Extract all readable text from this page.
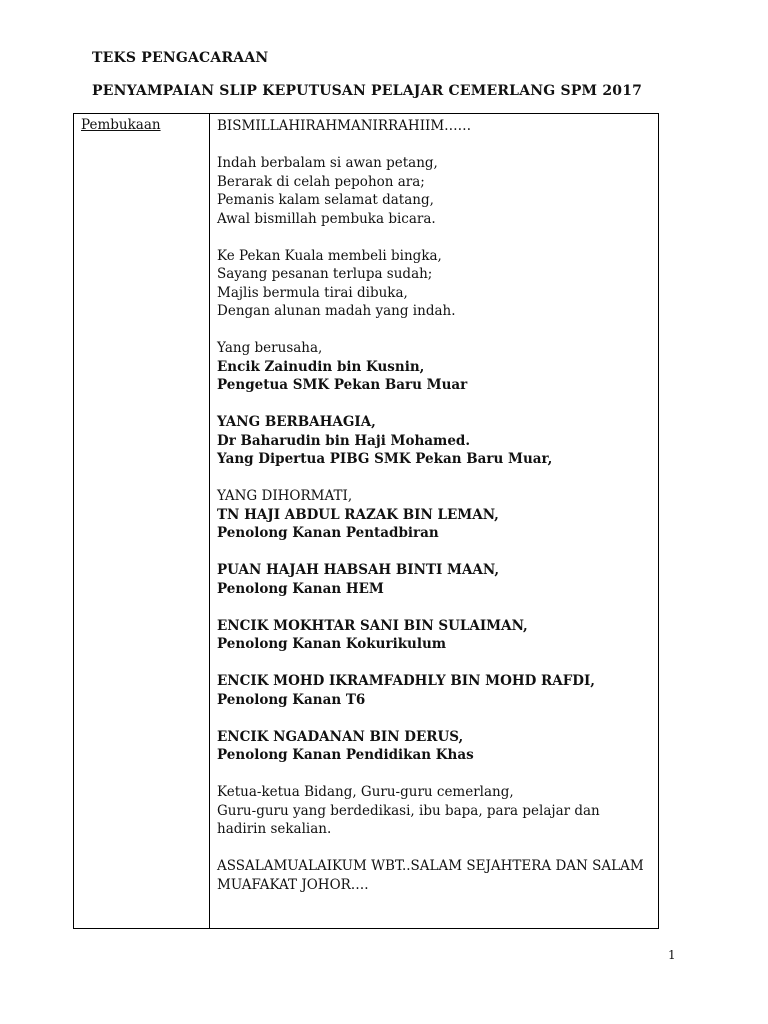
TEKS PENGACARAAN
PENYAMPAIAN SLIP KEPUTUSAN PELAJAR CEMERLANG SPM 2017
Pembukaan	BISMILLAHIRAHMANIRRAHIIM……
Indah berbalam si awan petang,
Berarak di celah pepohon ara;
Pemanis kalam selamat datang,
Awal bismillah pembuka bicara.
Ke Pekan Kuala membeli bingka,
Sayang pesanan terlupa sudah;
Majlis bermula tirai dibuka,
Dengan alunan madah yang indah.
Yang berusaha,
Encik Zainudin bin Kusnin,
Pengetua SMK Pekan Baru Muar
YANG BERBAHAGIA,
Dr Baharudin bin Haji Mohamed.
Yang Dipertua PIBG SMK Pekan Baru Muar,
YANG DIHORMATI,
TN HAJI ABDUL RAZAK BIN LEMAN,
Penolong Kanan Pentadbiran
PUAN HAJAH HABSAH BINTI MAAN,
Penolong Kanan HEM
ENCIK MOKHTAR SANI BIN SULAIMAN,
Penolong Kanan Kokurikulum
ENCIK MOHD IKRAMFADHLY BIN MOHD RAFDI,
Penolong Kanan T6
ENCIK NGADANAN BIN DERUS,
Penolong Kanan Pendidikan Khas
Ketua-ketua Bidang, Guru-guru cemerlang,
Guru-guru yang berdedikasi, ibu bapa, para pelajar dan
hadirin sekalian.
ASSALAMUALAIKUM WBT..SALAM SEJAHTERA DAN SALAM
MUAFAKAT JOHOR….
1
